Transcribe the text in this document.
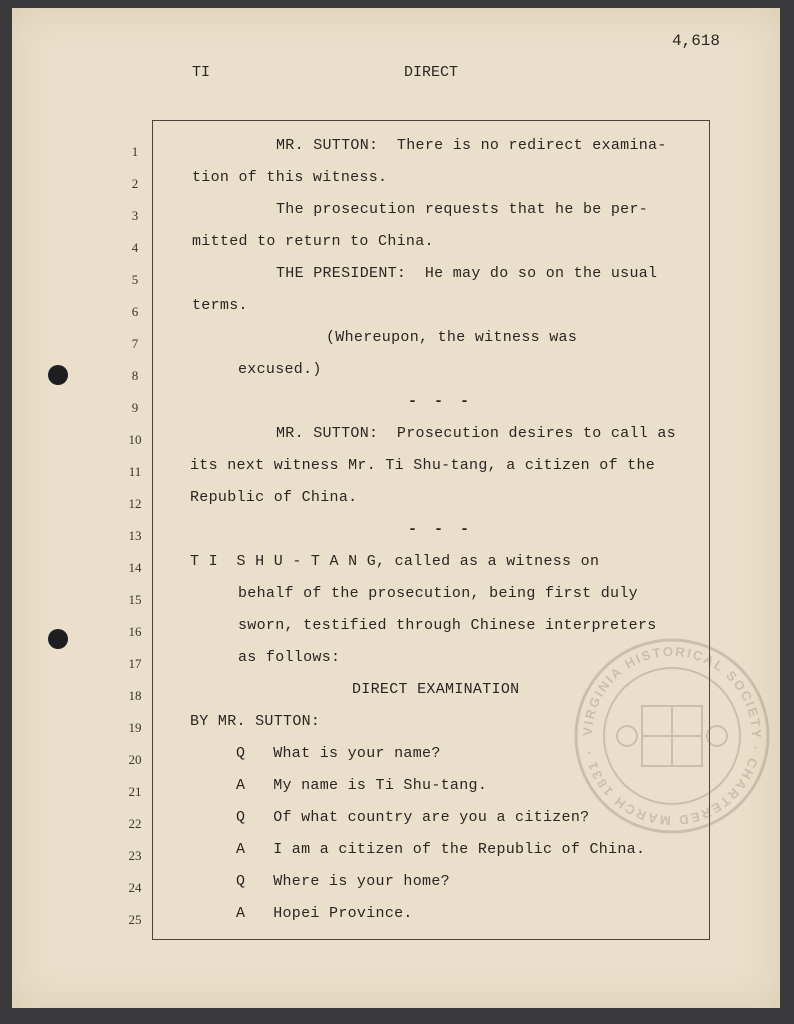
4,618
TI	DIRECT
VIRGINIA HISTORICAL SOCIETY · CHARTERED MARCH 1831 ·
1
2
3
4
5
6
7
8
9
10
11
12
13
14
15
16
17
18
19
20
21
22
23
24
25
MR. SUTTON:  There is no redirect examina-
tion of this witness.
The prosecution requests that he be per-
mitted to return to China.
THE PRESIDENT:  He may do so on the usual
terms.
(Whereupon, the witness was
excused.)
- - -
MR. SUTTON:  Prosecution desires to call as
its next witness Mr. Ti Shu-tang, a citizen of the
Republic of China.
- - -
T I  S H U - T A N G, called as a witness on
behalf of the prosecution, being first duly
sworn, testified through Chinese interpreters
as follows:
DIRECT EXAMINATION
BY MR. SUTTON:
Q   What is your name?
A   My name is Ti Shu-tang.
Q   Of what country are you a citizen?
A   I am a citizen of the Republic of China.
Q   Where is your home?
A   Hopei Province.
